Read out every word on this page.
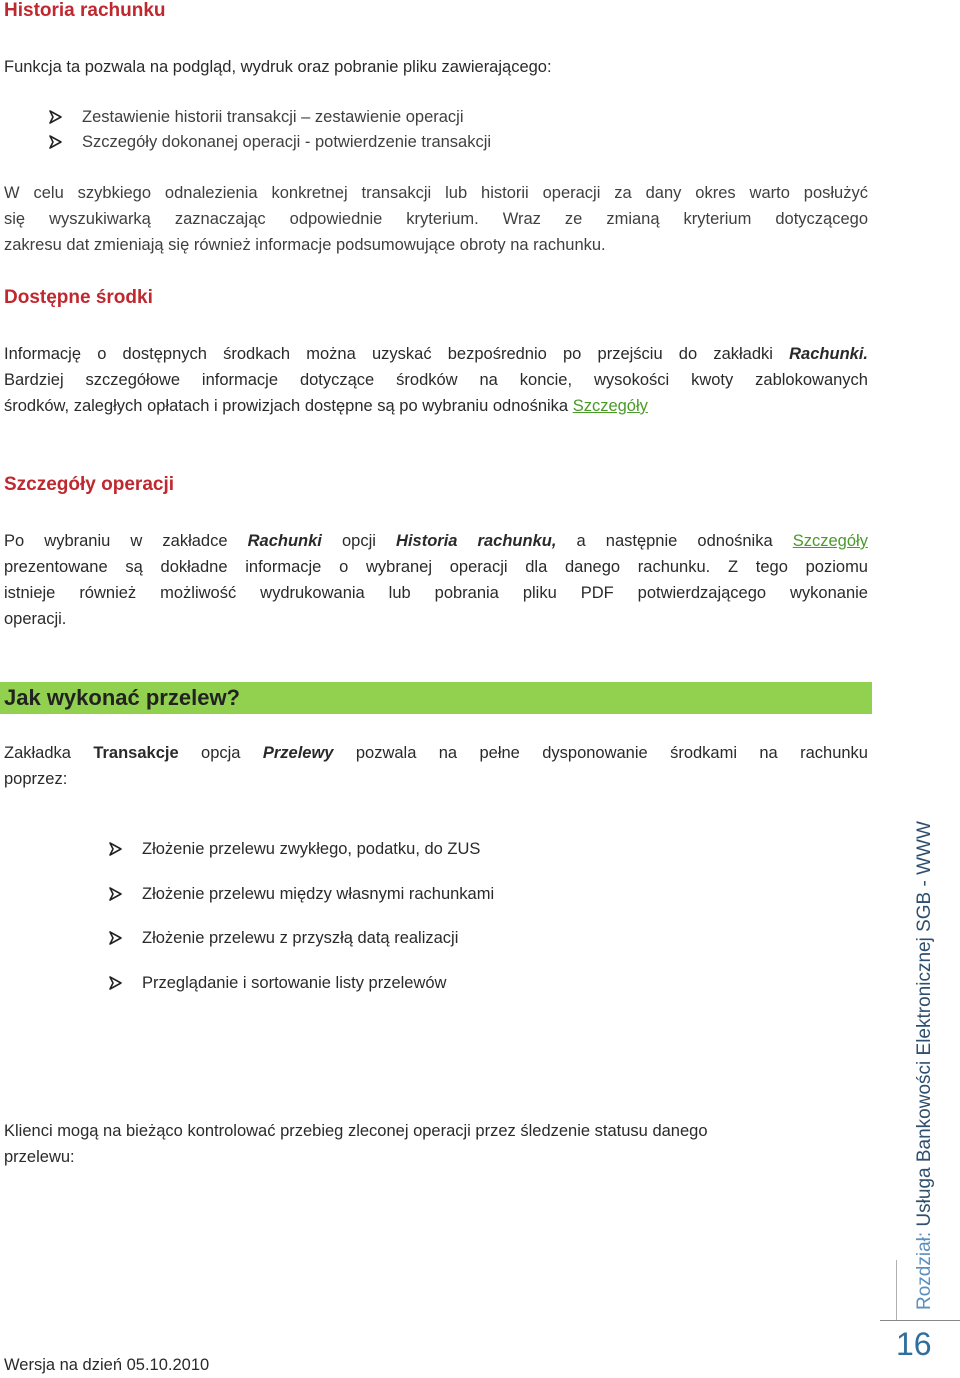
Historia rachunku
Funkcja ta pozwala na podgląd, wydruk oraz pobranie pliku zawierającego:
Zestawienie historii transakcji – zestawienie operacji
Szczegóły dokonanej operacji - potwierdzenie transakcji
W celu szybkiego odnalezienia konkretnej transakcji lub historii operacji za dany okres warto posłużyć
się wyszukiwarką zaznaczając odpowiednie kryterium. Wraz ze zmianą kryterium dotyczącego
zakresu dat zmieniają się również informacje podsumowujące obroty na rachunku.
Dostępne środki
Informację o dostępnych środkach można uzyskać bezpośrednio po przejściu do zakładki Rachunki.
Bardziej szczegółowe informacje dotyczące środków na koncie, wysokości kwoty zablokowanych
środków, zaległych opłatach i prowizjach dostępne są po wybraniu odnośnika Szczegóły
Szczegóły operacji
Po wybraniu w zakładce Rachunki opcji Historia rachunku, a następnie odnośnika Szczegóły
prezentowane są dokładne informacje o wybranej operacji dla danego rachunku. Z tego poziomu
istnieje również możliwość wydrukowania lub pobrania pliku PDF potwierdzającego wykonanie
operacji.
Jak wykonać przelew?
Zakładka Transakcje opcja Przelewy pozwala na pełne dysponowanie środkami na rachunku
poprzez:
Złożenie przelewu zwykłego, podatku, do ZUS
Złożenie przelewu między własnymi rachunkami
Złożenie przelewu z przyszłą datą realizacji
Przeglądanie i sortowanie listy przelewów
Klienci mogą na bieżąco kontrolować przebieg zleconej operacji przez śledzenie statusu danego
przelewu:
Wersja na dzień 05.10.2010
Rozdział: Usługa Bankowości Elektronicznej SGB - WWW
16
